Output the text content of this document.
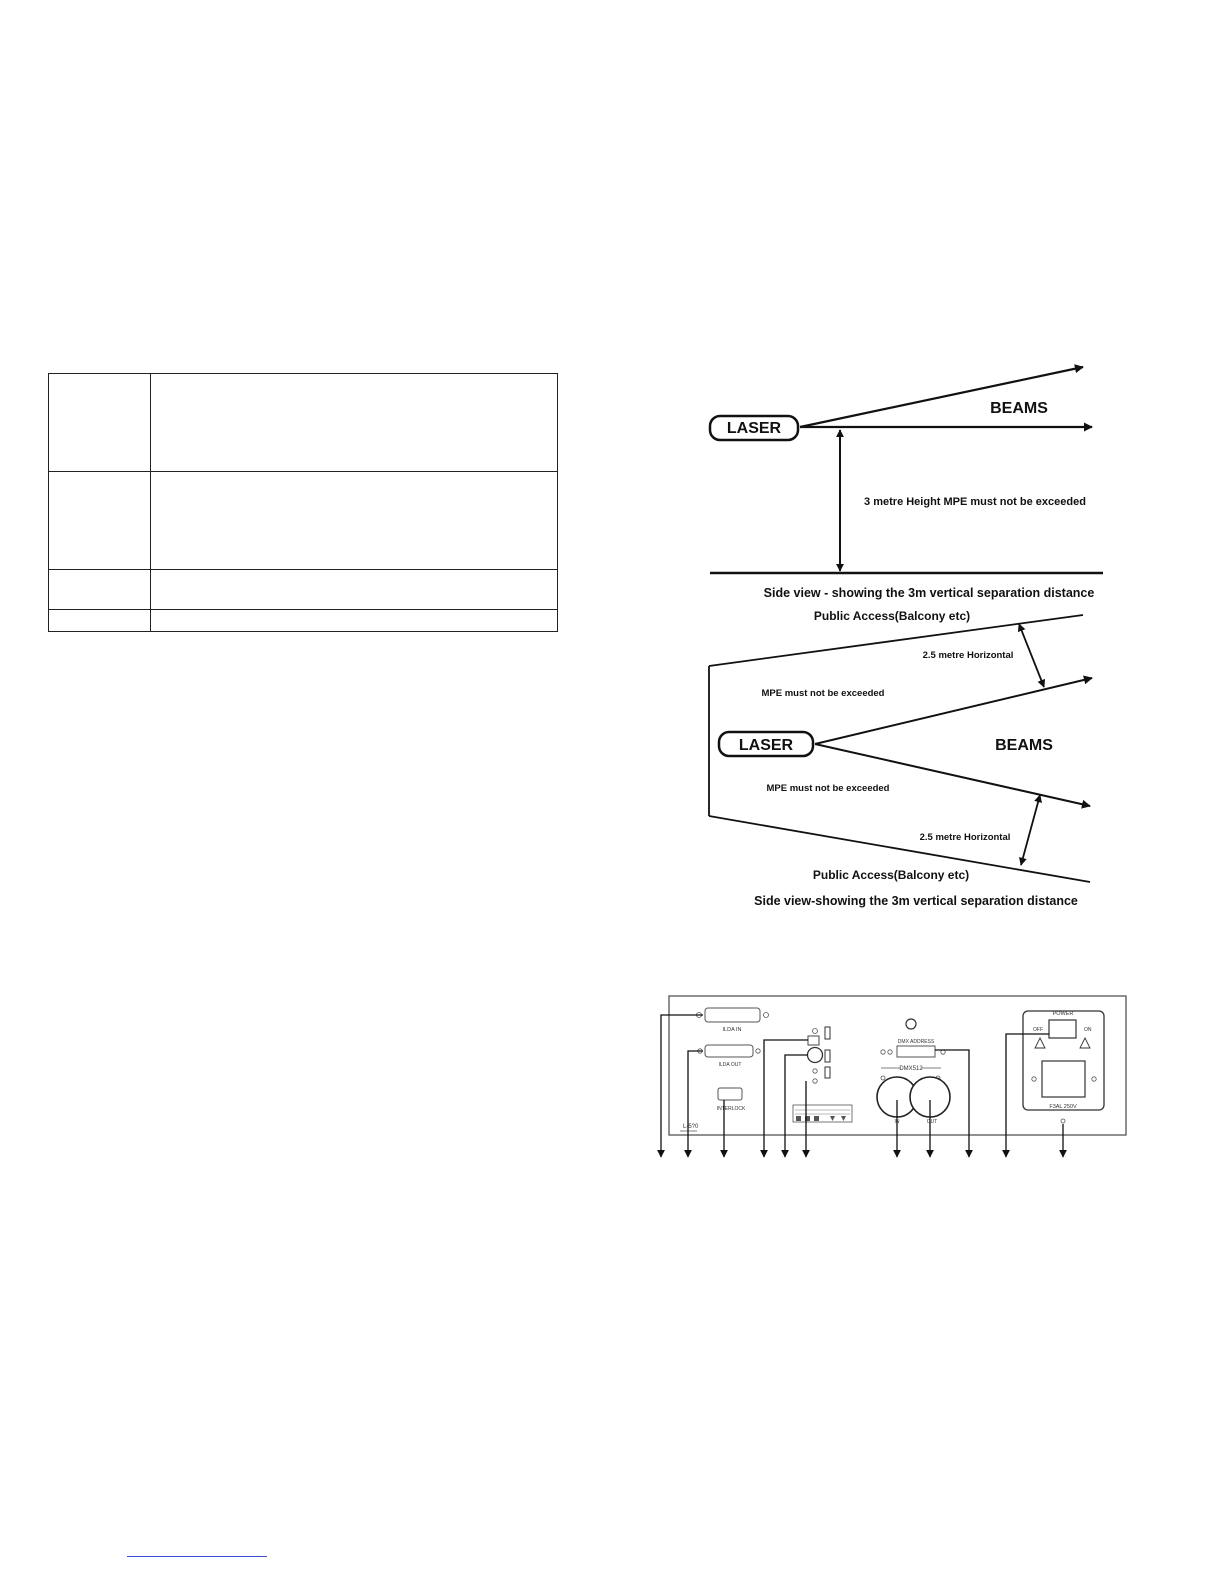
LASER
BEAMS
3 metre Height MPE must not be exceeded
Side view - showing the 3m vertical separation distance
Public Access(Balcony etc)
2.5 metre Horizontal
MPE must not be exceeded
LASER	BEAMS
MPE must not be exceeded
2.5 metre Horizontal
Public Access(Balcony etc)
Side view-showing the 3m vertical separation distance
ILDA IN
ILDA OUT
INTERLOCK
L-5?0
DMX ADDRESS
DMX512
IN	OUT
POWER
OFF	ON
F3AL 250V
